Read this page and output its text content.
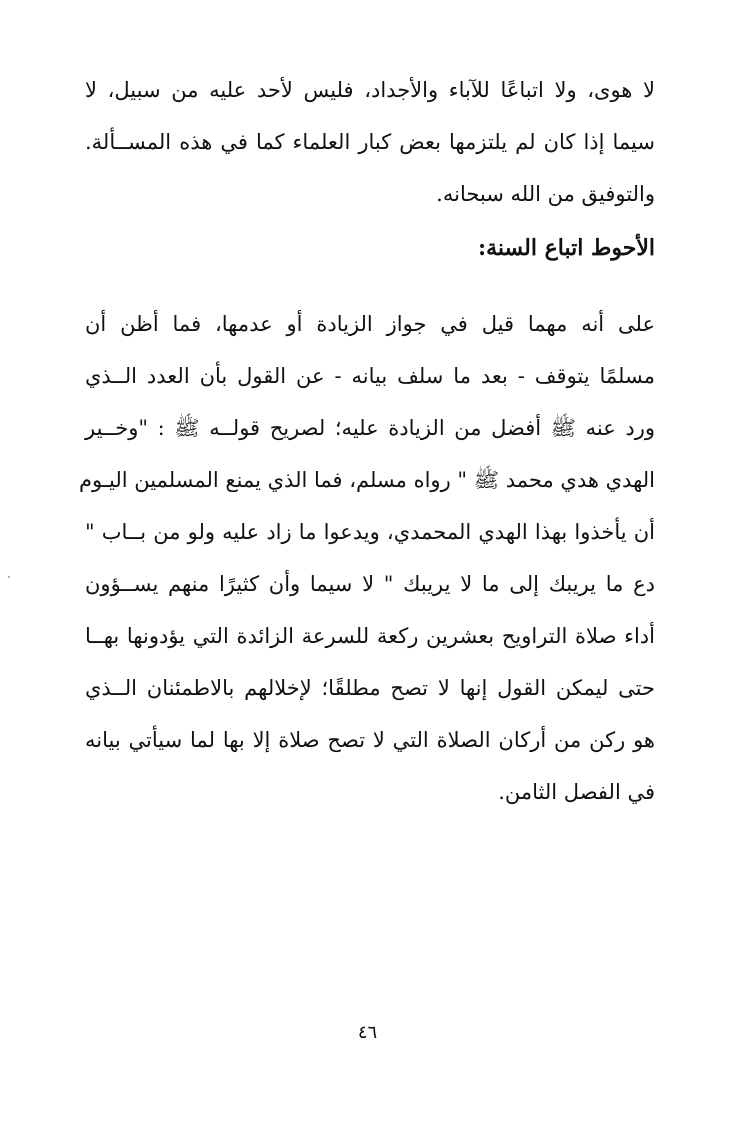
لا هوى، ولا اتباعًا للآباء والأجداد، فليس لأحد عليه من سبيل، لا
سيما إذا كان لم يلتزمها بعض كبار العلماء كما في هذه المســألة.
والتوفيق من الله سبحانه.
الأحوط اتباع السنة:
على أنه مهما قيل في جواز الزيادة أو عدمها، فما أظن أن
مسلمًا يتوقف - بعد ما سلف بيانه - عن القول بأن العدد الــذي
ورد عنه ﷺ أفضل من الزيادة عليه؛ لصريح قولــه ﷺ : "وخــير
الهدي هدي محمد ﷺ " رواه مسلم، فما الذي يمنع المسلمين اليـوم
أن يأخذوا بهذا الهدي المحمدي، ويدعوا ما زاد عليه ولو من بــاب "
دع ما يريبك إلى ما لا يريبك " لا سيما وأن كثيرًا منهم يســؤون
أداء صلاة التراويح بعشرين ركعة للسرعة الزائدة التي يؤدونها بهــا
حتى ليمكن القول إنها لا تصح مطلقًا؛ لإخلالهم بالاطمئنان الــذي
هو ركن من أركان الصلاة التي لا تصح صلاة إلا بها لما سيأتي بيانه
في الفصل الثامن.
٤٦
